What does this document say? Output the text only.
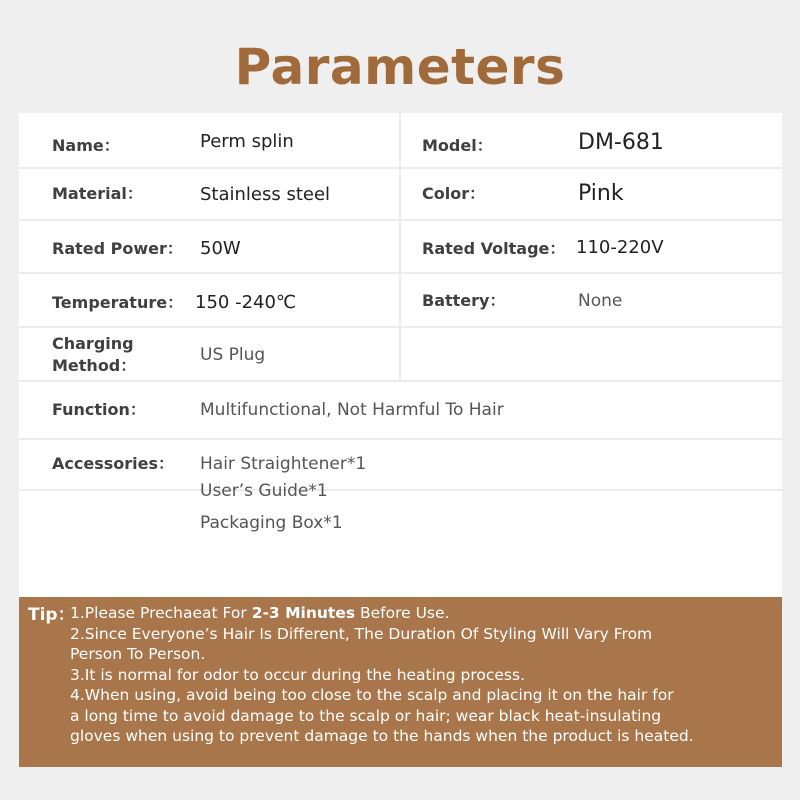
Parameters
Name：	Perm splin	Model：	DM-681
Material：	Stainless steel	Color：	Pink
Rated Power： 50W	Rated Voltage： 110-220V
Temperature： 150 -240℃	Battery：	None
Charging
Method：
US Plug
Function：	Multifunctional, Not Harmful To Hair
Accessories： Hair Straightener*1
User’s Guide*1
Packaging Box*1
Tip：
1.Please Prechaeat For 2-3 Minutes Before Use.
2.Since Everyone’s Hair Is Different, The Duration Of Styling Will Vary From
Person To Person.
3.It is normal for odor to occur during the heating process.
4.When using, avoid being too close to the scalp and placing it on the hair for
a long time to avoid damage to the scalp or hair; wear black heat-insulating
gloves when using to prevent damage to the hands when the product is heated.
